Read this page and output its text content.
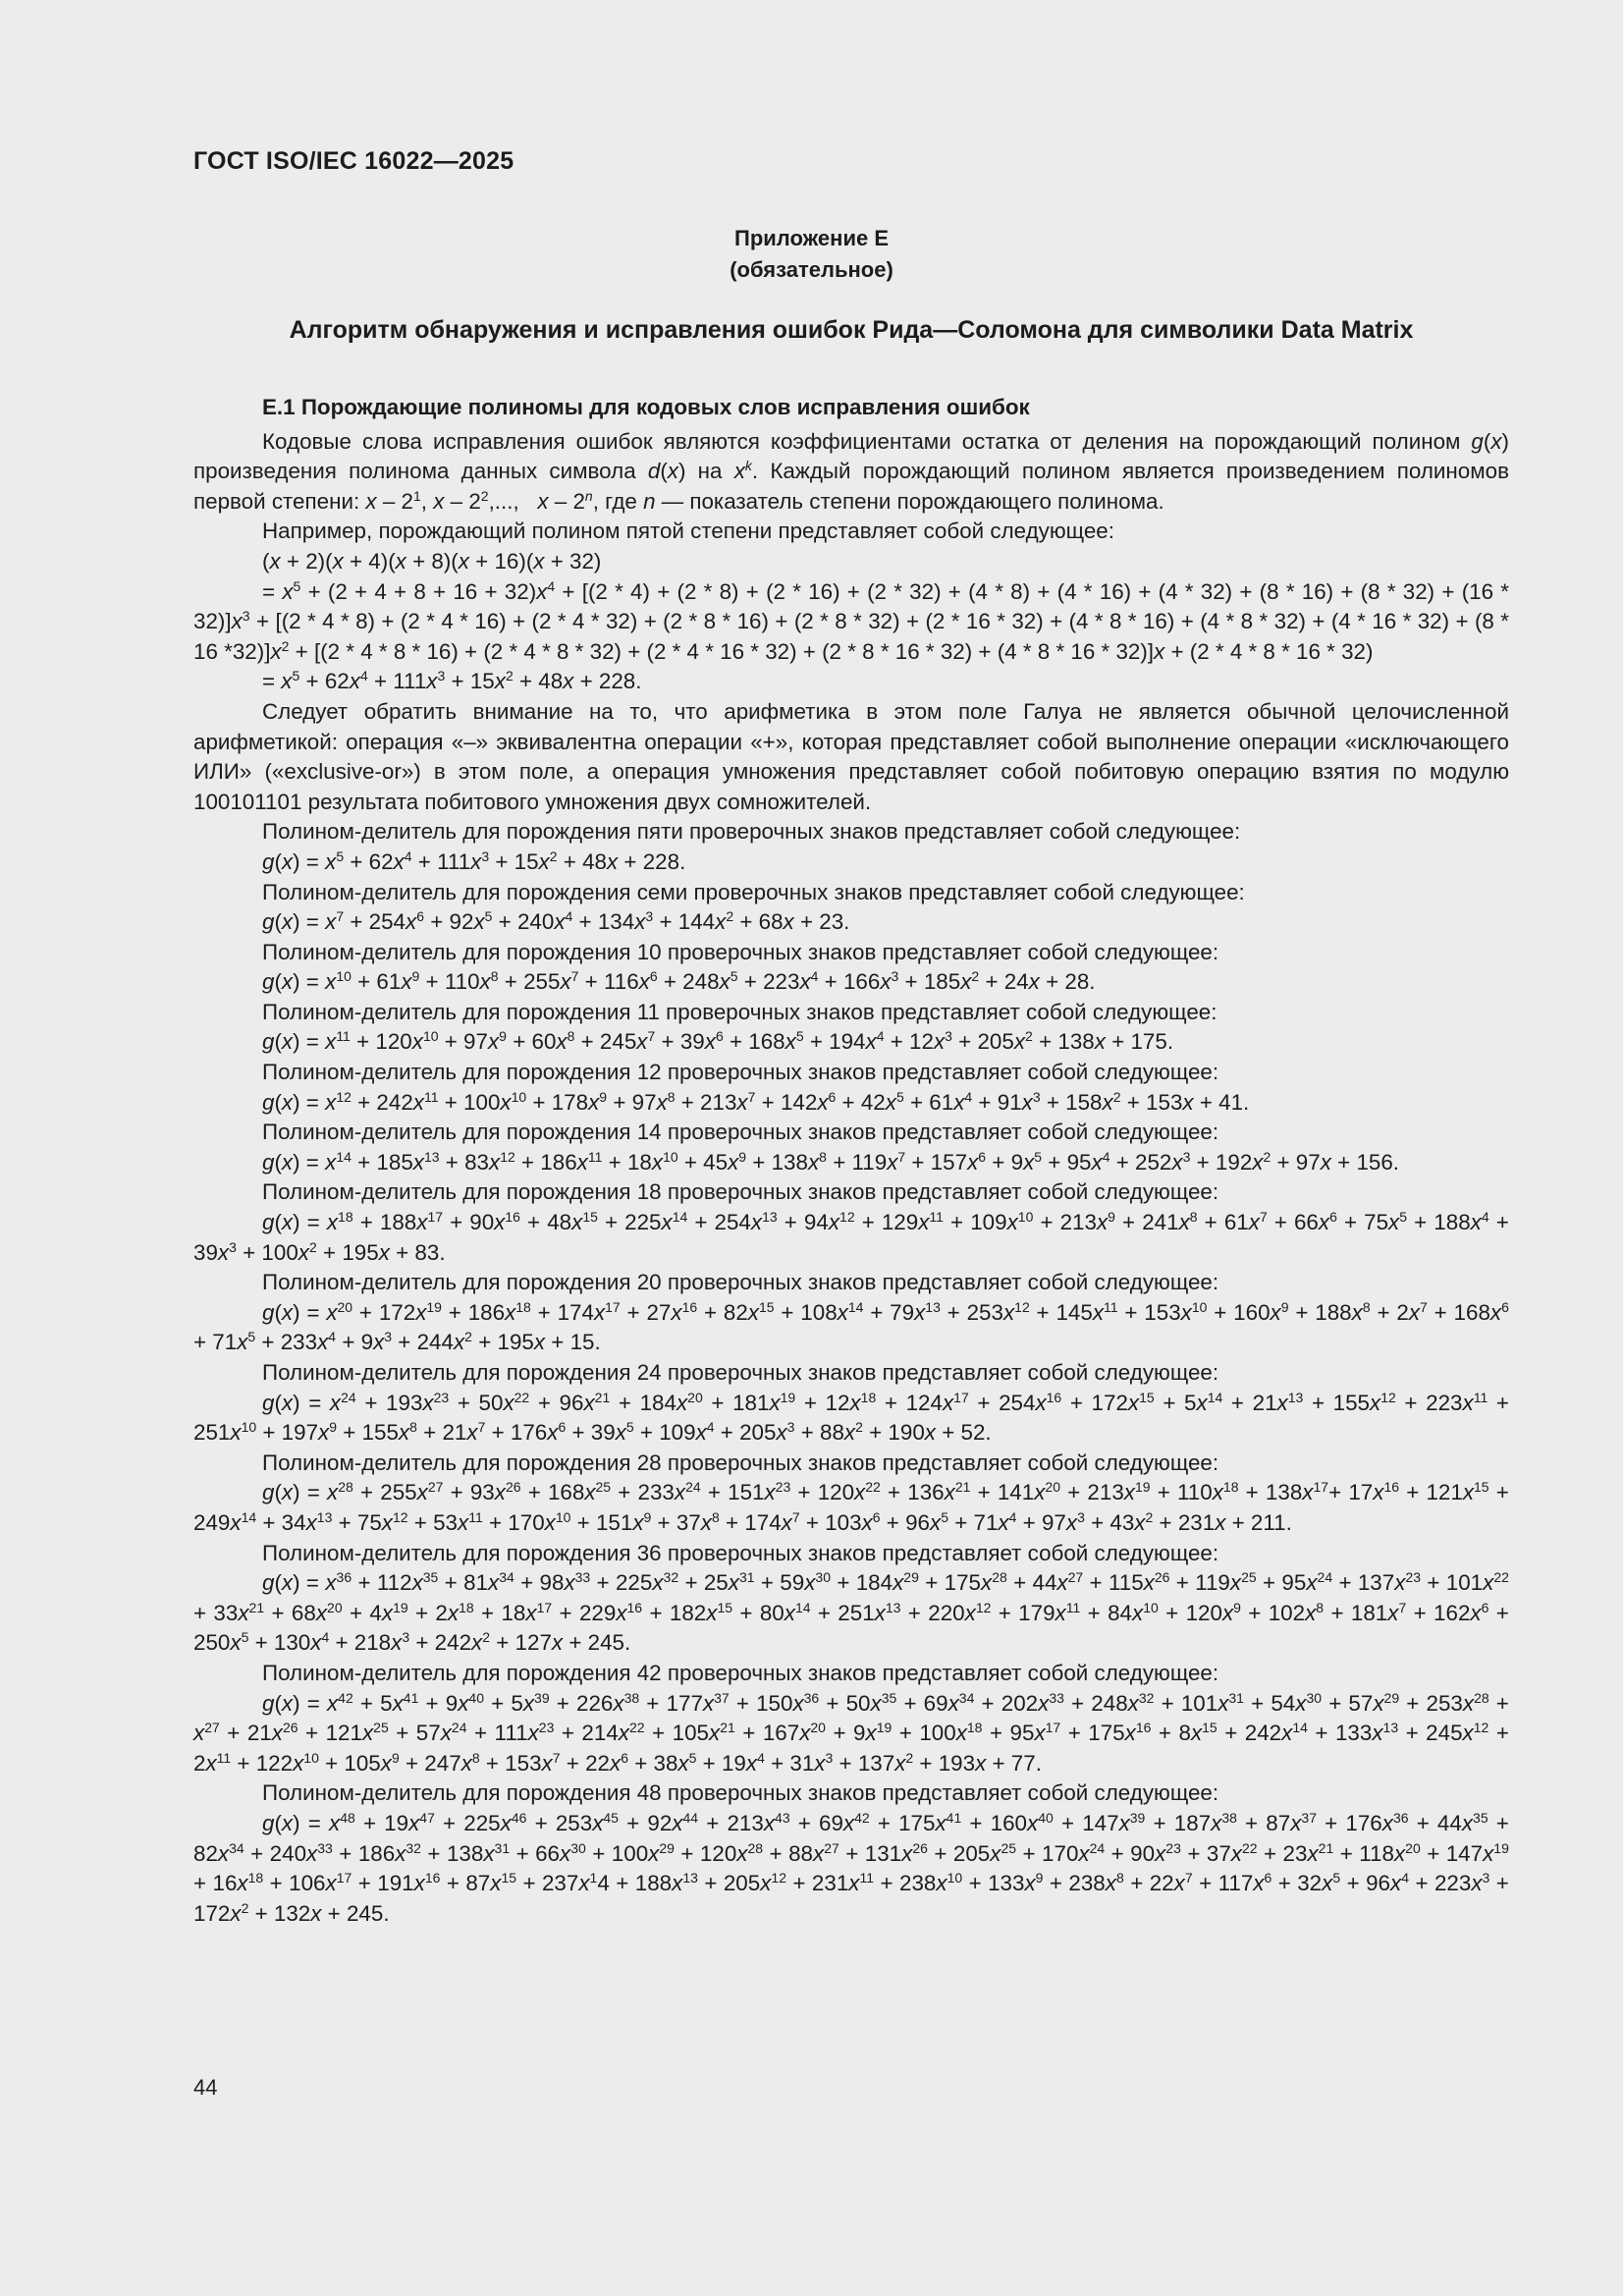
ГОСТ ISO/IEC 16022—2025
Приложение Е
(обязательное)
Алгоритм обнаружения и исправления ошибок Рида—Соломона для символики Data Matrix

Е.1 Порождающие полиномы для кодовых слов исправления ошибок

Кодовые слова исправления ошибок являются коэффициентами остатка от деления на порождающий полином g(x) произведения полинома данных символа d(x) на $x^k$. Каждый порождающий полином является произведением полиномов первой степени: x – $2^1$, x – $2^2$,...,   x – 2$^n$, где n — показатель степени порождающего полинома.

Например, порождающий полином пятой степени представляет собой следующее:

(x + 2)(x + 4)(x + 8)(x + 16)(x + 32)

= $x^5 + (2 + 4 + 8 + 16 + 32)x^4 + [(2 * 4) + (2 * 8) + (2 * 16) + (2 * 32) + (4 * 8) + (4 * 16) + (4 * 32) + (8 * 16) + (8 * 32) + (16 * 32)]x^3 + [(2 * 4 * 8) + (2 * 4$ * 16) + (2 * 4 * 32) + (2 * 8 * 16) + (2 * 8 * 32) + (2 * 16 * 32) + (4 * 8 * 16) + (4 * 8 * 32) + (4 * 16 * 32) + (8 * 16 $*32)]x^2 + [(2 * 4 * 8 * 16) + (2 * 4 * 8 * 32) + (2 * 4 * 16 * 32) + (2 * 8 * 16 * 32) + (4 * 8 * 16 * 32)]x + (2 * 4 * 8 * 16 * 32)$

= $x^5 + 62x^4 + 111x^3 + 15x^2 + 48x + 228$.

Следует обратить внимание на то, что арифметика в этом поле Галуа не является обычной целочисленной арифметикой: операция «–» эквивалентна операции «+», которая представляет собой выполнение операции «исключающего ИЛИ» («exclusive-or») в этом поле, а операция умножения представляет собой побитовую операцию взятия по модулю 100101101 результата побитового умножения двух сомножителей.

Полином-делитель для порождения пяти проверочных знаков представляет собой следующее:

$g(x) = x^5 + 62x^4 + 111x^3 + 15x^2 + 48x + 228$.

Полином-делитель для порождения семи проверочных знаков представляет собой следующее:

$g(x) = x^7 + 254x^6 + 92x^5 + 240x^4 + 134x^3 + 144x^2 + 68x + 23$.

Полином-делитель для порождения 10 проверочных знаков представляет собой следующее:

$g(x) = x^{10} + 61x^9 + 110x^8 + 255x^7 + 116x^6 + 248x^5 + 223x^4 + 166x^3 + 185x^2 + 24x + 28$.

Полином-делитель для порождения 11 проверочных знаков представляет собой следующее:

$g(x) = x^{11} + 120x^{10} + 97x^9 + 60x^8 + 245x^7 + 39x^6 + 168x^5 + 194x^4 + 12x^3 + 205x^2 + 138x + 175$.

Полином-делитель для порождения 12 проверочных знаков представляет собой следующее:

$g(x) = x^{12} + 242x^{11} + 100x^{10} + 178x^9 + 97x^8 + 213x^7 + 142x^6 + 42x^5 + 61x^4 + 91x^3 + 158x^2 + 153x + 41$.

Полином-делитель для порождения 14 проверочных знаков представляет собой следующее:

$g(x) = x^{14} + 185x^{13} + 83x^{12} + 186x^{11} + 18x^{10} + 45x^9 + 138x^8 + 119x^7 + 157x^6 + 9x^5 + 95x^4 + 252x^3 + 192x^2 + 97x + 156$.

Полином-делитель для порождения 18 проверочных знаков представляет собой следующее:

$g(x) = x^{18} + 188x^{17} + 90x^{16} + 48x^{15} + 225x^{14} + 254x^{13} + 94x^{12} + 129x^{11} + 109x^{10} + 213x^9 + 241x^8 + 61x^7 + 66x^6 + 75x^5 + 188x^4 + 39x^3 + 100x^2 + 195x + 83$.

Полином-делитель для порождения 20 проверочных знаков представляет собой следующее:

$g(x) = x^{20} + 172x^{19} + 186x^{18} + 174x^{17} + 27x^{16} + 82x^{15} + 108x^{14} + 79x^{13} + 253x^{12} + 145x^{11} + 153x^{10} + 160x^9 + 188x^8 + 2x^7 + 168x^6 + 71x^5 + 233x^4 + 9x^3 + 244x^2 + 195x + 15$.

Полином-делитель для порождения 24 проверочных знаков представляет собой следующее:

$g(x) = x^{24} + 193x^{23} + 50x^{22} + 96x^{21} + 184x^{20} + 181x^{19} + 12x^{18} + 124x^{17} + 254x^{16} + 172x^{15} + 5x^{14} + 21x^{13} + 155x^{12} + 223x^{11} + 251x^{10} + 197x^9 + 155x^8 + 21x^7 + 176x^6 + 39x^5 + 109x^4 + 205x^3 + 88x^2 + 190x + 52$.

Полином-делитель для порождения 28 проверочных знаков представляет собой следующее:

$g(x) = x^{28} + 255x^{27} + 93x^{26} + 168x^{25} + 233x^{24} + 151x^{23} + 120x^{22} + 136x^{21} + 141x^{20} + 213x^{19} + 110x^{18} + 138x^{17}+ 17x^{16} + 121x^{15} + 249x^{14} + 34x^{13} + 75x^{12} + 53x^{11} + 170x^{10} + 151x^9 + 37x^8 + 174x^7 + 103x^6 + 96x^5 + 71x^4 + 97x^3 + 43x^2 + 231x + 211$.

Полином-делитель для порождения 36 проверочных знаков представляет собой следующее:

g(x) = $x^{36} + 112x^{35} + 81x^{34} + 98x^{33} + 225x^{32} + 25x^{31} + 59x^{30} + 184x^{29} + 175x^{28} + 44x^{27} + 115x^{26} + 119x^{25} + 95x^{24} + 137x^{23} + 101x^{22} + 33x^{21} + 68x^{20} + 4x^{19} + 2x^{18} + 18x^{17} + 229x^{16} + 182x^{15} + 80x^{14} + 251x^{13} + 220x^{12} + 179x^{11} + 84x^{10} + 120x^9 + 102x^8 + 181x^7 + 162x^6$ + $250x^5 + 130x^4 + 218x^3 + 242x^2 + 127x + 245$.

Полином-делитель для порождения 42 проверочных знаков представляет собой следующее:

g(x) = $x^{42} + 5x^{41} + 9x^{40} + 5x^{39} + 226x^{38} + 177x^{37} + 150x^{36} + 50x^{35} + 69x^{34} + 202x^{33} + 248x^{32} + 101x^{31} + 54x^{30} + 57x^{29} + 253x^{28} + x^{27} + 21x^{26} + 121x^{25} + 57x^{24} + 111x^{23} + 214x^{22} + 105x^{21} + 167x^{20} + 9x^{19} + 100x^{18} + 95x^{17} + 175x^{16} + 8x^{15} + 242x^{14} + 133x^{13} + 245x^{12}$ + $2x^{11} + 122x^{10} + 105x^9 + 247x^8 + 153x^7 + 22x^6 + 38x^5 + 19x^4 + 31x^3 + 137x^2 + 193x + 77$.

Полином-делитель для порождения 48 проверочных знаков представляет собой следующее:

g(x) = $x^{48} + 19x^{47} + 225x^{46} + 253x^{45} + 92x^{44} + 213x^{43} + 69x^{42} + 175x^{41} + 160x^{40} + 147x^{39} + 187x^{38} + 87x^{37} + 176x^{36} + 44x^{35} + 82x^{34} + 240x^{33} + 186x^{32} + 138x^{31} + 66x^{30} + 100x^{29} + 120x^{28} + 88x^{27} + 131x^{26} + 205x^{25} + 170x^{24} + 90x^{23} + 37x^{22} + 23x^{21} + 118x^{20} + 147x^{19} + 16x^{18}$ + $106x^{17} + 191x^{16} + 87x^{15} + 237x^14 + 188x^{13} + 205x^{12} + 231x^{11} + 238x^{10} + 133x^9 + 238x^8 + 22x^7 + 117x^6 + 32x^5 + 96x^4 + 223x^3 + 172x^2 + 132x + 245$.

44
